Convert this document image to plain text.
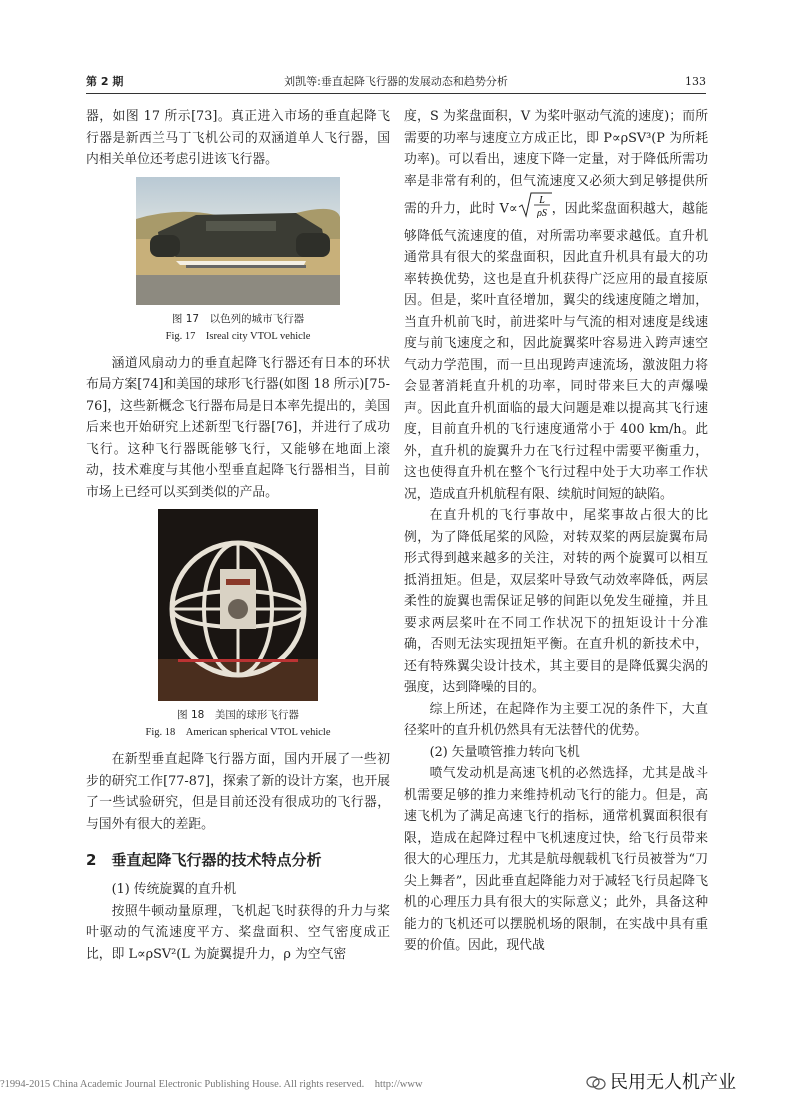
第 2 期	刘凯等:垂直起降飞行器的发展动态和趋势分析	133

器，如图 17 所示[73]。真正进入市场的垂直起降飞行器是新西兰马丁飞机公司的双涵道单人飞行器，国内相关单位还考虑引进该飞行器。

图 17　以色列的城市飞行器
Fig. 17　Isreal city VTOL vehicle

涵道风扇动力的垂直起降飞行器还有日本的环状布局方案[74]和美国的球形飞行器(如图 18 所示)[75-76]，这些新概念飞行器布局是日本率先提出的，美国后来也开始研究上述新型飞行器[76]，并进行了成功飞行。这种飞行器既能够飞行，又能够在地面上滚动，技术难度与其他小型垂直起降飞行器相当，目前市场上已经可以买到类似的产品。

图 18　美国的球形飞行器
Fig. 18　American spherical VTOL vehicle

在新型垂直起降飞行器方面，国内开展了一些初步的研究工作[77-87]，探索了新的设计方案，也开展了一些试验研究，但是目前还没有很成功的飞行器，与国外有很大的差距。

2　垂直起降飞行器的技术特点分析

(1) 传统旋翼的直升机

按照牛顿动量原理，飞机起飞时获得的升力与桨叶驱动的气流速度平方、桨盘面积、空气密度成正比，即 L∝ρSV²(L 为旋翼提升力，ρ 为空气密

度，S 为桨盘面积，V 为桨叶驱动气流的速度)；而所需要的功率与速度立方成正比，即 P∝ρSV³(P 为所耗功率)。可以看出，速度下降一定量，对于降低所需功率是非常有利的，但气流速度又必须大到足够提供所需的升力，此时 V∝
L
ρS ，因此桨盘面积越大，越能够降低气流速度的值，对所需功率要求越低。直升机通常具有很大的桨盘面积，因此直升机具有最大的功率转换优势，这也是直升机获得广泛应用的最直接原因。但是，桨叶直径增加，翼尖的线速度随之增加，当直升机前飞时，前进桨叶与气流的相对速度是线速度与前飞速度之和，因此旋翼桨叶容易进入跨声速空气动力学范围，而一旦出现跨声速流场，激波阻力将会显著消耗直升机的功率，同时带来巨大的声爆噪声。因此直升机面临的最大问题是难以提高其飞行速度，目前直升机的飞行速度通常小于 400 km/h。此外，直升机的旋翼升力在飞行过程中需要平衡重力，这也使得直升机在整个飞行过程中处于大功率工作状况，造成直升机航程有限、续航时间短的缺陷。

在直升机的飞行事故中，尾桨事故占很大的比例，为了降低尾桨的风险，对转双桨的两层旋翼布局形式得到越来越多的关注，对转的两个旋翼可以相互抵消扭矩。但是，双层桨叶导致气动效率降低，两层柔性的旋翼也需保证足够的间距以免发生碰撞，并且要求两层桨叶在不同工作状况下的扭矩设计十分准确，否则无法实现扭矩平衡。在直升机的新技术中，还有特殊翼尖设计技术，其主要目的是降低翼尖涡的强度，达到降噪的目的。

综上所述，在起降作为主要工况的条件下，大直径桨叶的直升机仍然具有无法替代的优势。

(2) 矢量喷管推力转向飞机

喷气发动机是高速飞机的必然选择，尤其是战斗机需要足够的推力来维持机动飞行的能力。但是，高速飞机为了满足高速飞行的指标，通常机翼面积很有限，造成在起降过程中飞机速度过快，给飞行员带来很大的心理压力，尤其是航母舰载机飞行员被誉为“刀尖上舞者”，因此垂直起降能力对于减轻飞行员起降飞机的心理压力具有很大的实际意义；此外，具备这种能力的飞机还可以摆脱机场的限制，在实战中具有重要的价值。因此，现代战

?1994-2015 China Academic Journal Electronic Publishing House. All rights reserved.　http://www	民用无人机产业
